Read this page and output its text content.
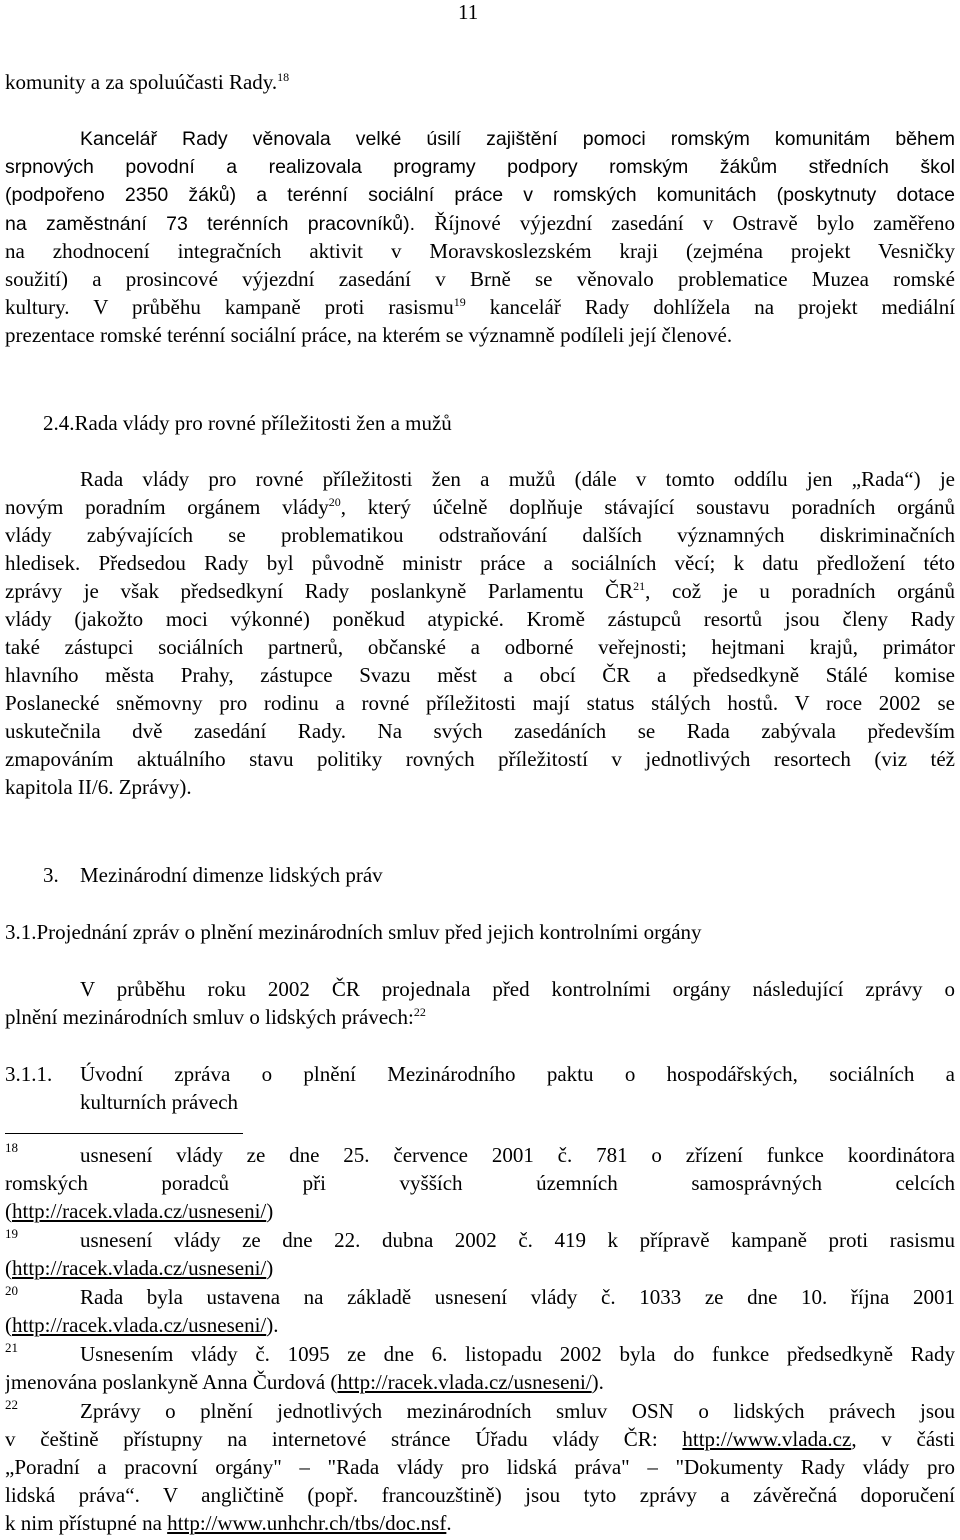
11
komunity a za spoluúčasti Rady.$^{18}$
Kancelář Rady věnovala velké úsilí zajištění pomoci romským komunitám během
srpnových povodní a realizovala programy podpory romským žákům středních škol
(podpořeno 2350 žáků) a terénní sociální práce v romských komunitách (poskytnuty dotace
na zaměstnání 73 terénních pracovníků). Říjnové výjezdní zasedání v Ostravě bylo zaměřeno
na zhodnocení integračních aktivit v Moravskoslezském kraji (zejména projekt Vesničky
soužití) a prosincové výjezdní zasedání v Brně se věnovalo problematice Muzea romské
kultury. V průběhu kampaně proti rasismu$^{19}$ kancelář Rady dohlížela na projekt mediální
prezentace romské terénní sociální práce, na kterém se významně podíleli její členové.
2.4.Rada vlády pro rovné příležitosti žen a mužů
Rada vlády pro rovné příležitosti žen a mužů (dále v tomto oddílu jen „Rada“) je
novým poradním orgánem vlády$^{20}$, který účelně doplňuje stávající soustavu poradních orgánů
vlády zabývajících se problematikou odstraňování dalších významných diskriminačních
hledisek. Předsedou Rady byl původně ministr práce a sociálních věcí; k datu předložení této
zprávy je však předsedkyní Rady poslankyně Parlamentu ČR$^{21}$, což je u poradních orgánů
vlády (jakožto moci výkonné) poněkud atypické. Kromě zástupců resortů jsou členy Rady
také zástupci sociálních partnerů, občanské a odborné veřejnosti; hejtmani krajů, primátor
hlavního města Prahy, zástupce Svazu měst a obcí ČR a předsedkyně Stálé komise
Poslanecké sněmovny pro rodinu a rovné příležitosti mají status stálých hostů. V roce 2002 se
uskutečnila dvě zasedání Rady. Na svých zasedáních se Rada zabývala především
zmapováním aktuálního stavu politiky rovných příležitostí v jednotlivých resortech (viz též
kapitola II/6. Zprávy).
3. Mezinárodní dimenze lidských práv
3.1.Projednání zpráv o plnění mezinárodních smluv před jejich kontrolními orgány
V průběhu roku 2002 ČR projednala před kontrolními orgány následující zprávy o
plnění mezinárodních smluv o lidských právech:$^{22}$
3.1.1. Úvodní zpráva o plnění Mezinárodního paktu o hospodářských, sociálních a
kulturních právech
18	usnesení vlády ze dne 25. července 2001 č. 781 o zřízení funkce koordinátora
romských poradců při vyšších územních samosprávných celcích
(http://racek.vlada.cz/usneseni/)
19	usnesení vlády ze dne 22. dubna 2002 č. 419 k přípravě kampaně proti rasismu
(http://racek.vlada.cz/usneseni/)
20	Rada byla ustavena na základě usnesení vlády č. 1033 ze dne 10. října 2001
(http://racek.vlada.cz/usneseni/).
21	Usnesením vlády č. 1095 ze dne 6. listopadu 2002 byla do funkce předsedkyně Rady
jmenována poslankyně Anna Čurdová (http://racek.vlada.cz/usneseni/).
22	Zprávy o plnění jednotlivých mezinárodních smluv OSN o lidských právech jsou
v češtině přístupny na internetové stránce Úřadu vlády ČR: http://www.vlada.cz, v části
„Poradní a pracovní orgány" – "Rada vlády pro lidská práva" – "Dokumenty Rady vlády pro
lidská práva“. V angličtině (popř. francouzštině) jsou tyto zprávy a závěrečná doporučení
k nim přístupné na http://www.unhchr.ch/tbs/doc.nsf.
